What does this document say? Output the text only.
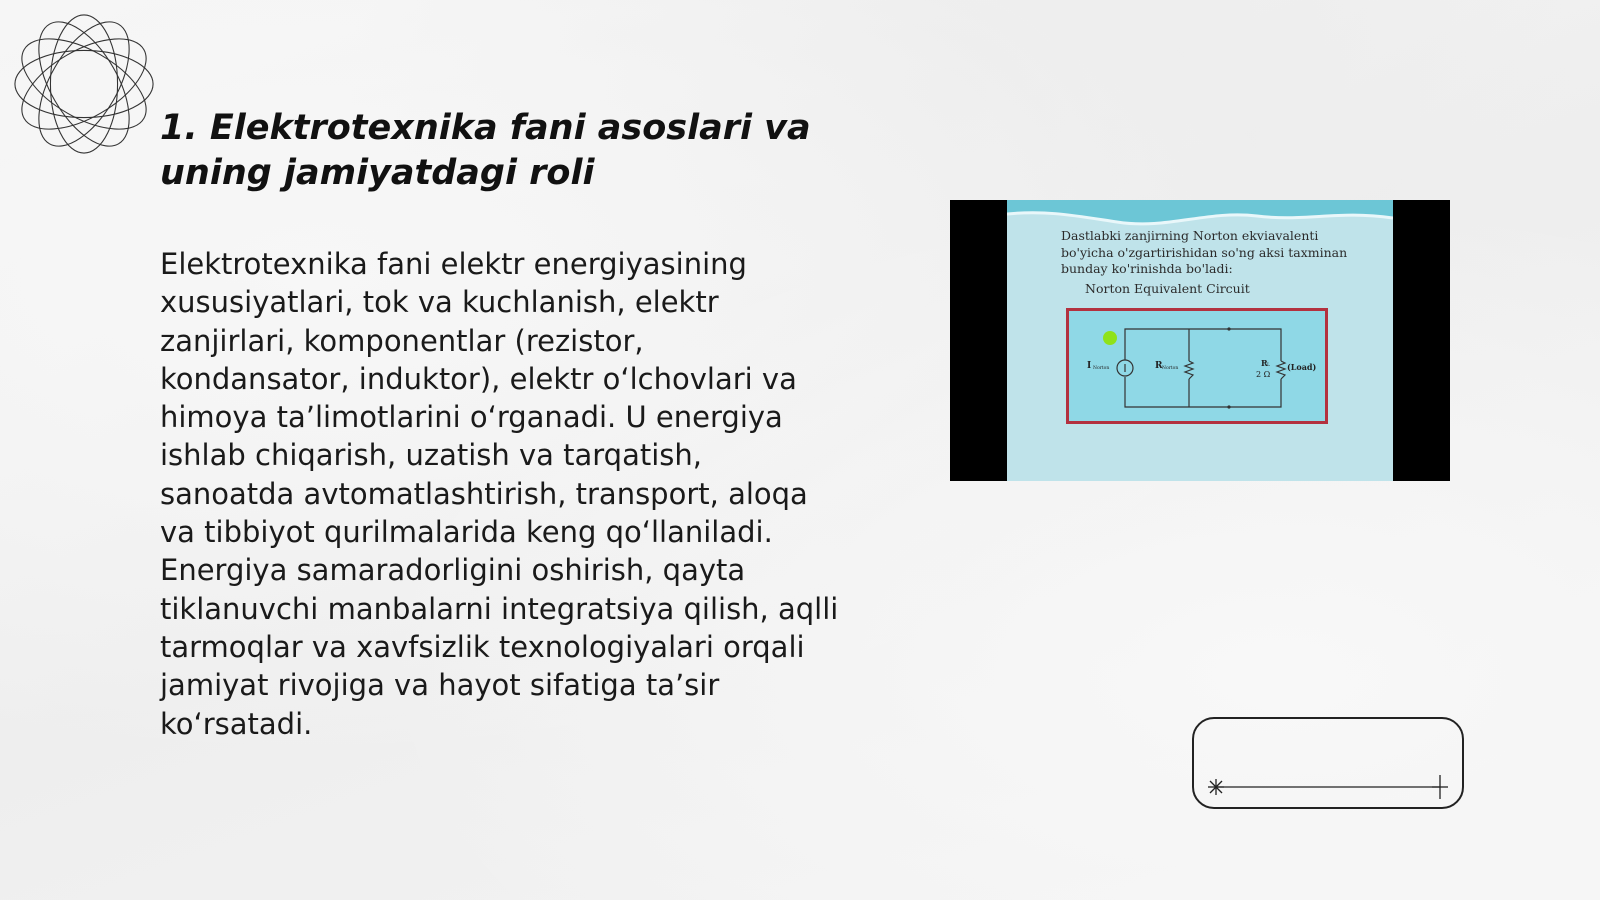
1. Elektrotexnika fani asoslari va uning jamiyatdagi roli

Elektrotexnika fani elektr energiyasining xususiyatlari, tok va kuchlanish, elektr zanjirlari, komponentlar (rezistor, kondansator, induktor), elektr oʻlchovlari va himoya taʼlimotlarini oʻrganadi. U energiya ishlab chiqarish, uzatish va tarqatish, sanoatda avtomatlashtirish, transport, aloqa va tibbiyot qurilmalarida keng qoʻllaniladi. Energiya samaradorligini oshirish, qayta tiklanuvchi manbalarni integratsiya qilish, aqlli tarmoqlar va xavfsizlik texnologiyalari orqali jamiyat rivojiga va hayot sifatiga taʼsir koʻrsatadi.

Dastlabki zanjirning Norton ekviavalenti bo'yicha o'zgartirishidan so'ng aksi taxminan bunday ko'rinishda bo'ladi:
Norton Equivalent Circuit
I Norton	R Norton
R L
2 Ω
(Load)
